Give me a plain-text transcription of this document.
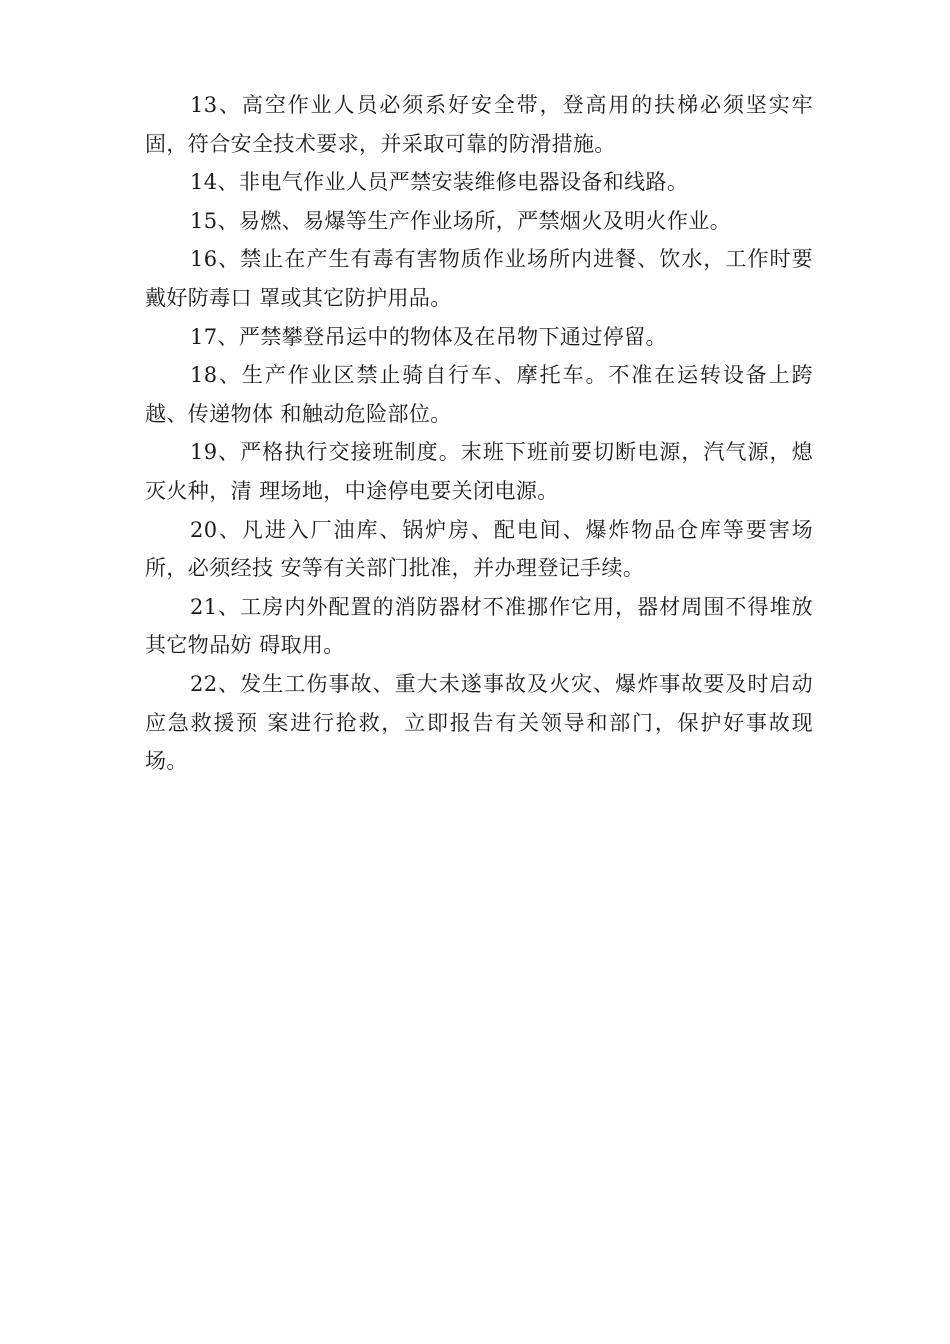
13、高空作业人员必须系好安全带，登高用的扶梯必须坚实牢固，符合安全技术要求，并采取可靠的防滑措施。

14、非电气作业人员严禁安装维修电器设备和线路。

15、易燃、易爆等生产作业场所，严禁烟火及明火作业。

16、禁止在产生有毒有害物质作业场所内进餐、饮水，工作时要戴好防毒口 罩或其它防护用品。

17、严禁攀登吊运中的物体及在吊物下通过停留。

18、生产作业区禁止骑自行车、摩托车。不准在运转设备上跨越、传递物体 和触动危险部位。

19、严格执行交接班制度。末班下班前要切断电源，汽气源，熄灭火种，清 理场地，中途停电要关闭电源。

20、凡进入厂油库、锅炉房、配电间、爆炸物品仓库等要害场所，必须经技 安等有关部门批准，并办理登记手续。

21、工房内外配置的消防器材不准挪作它用，器材周围不得堆放其它物品妨 碍取用。

22、发生工伤事故、重大未遂事故及火灾、爆炸事故要及时启动应急救援预 案进行抢救，立即报告有关领导和部门，保护好事故现场。
